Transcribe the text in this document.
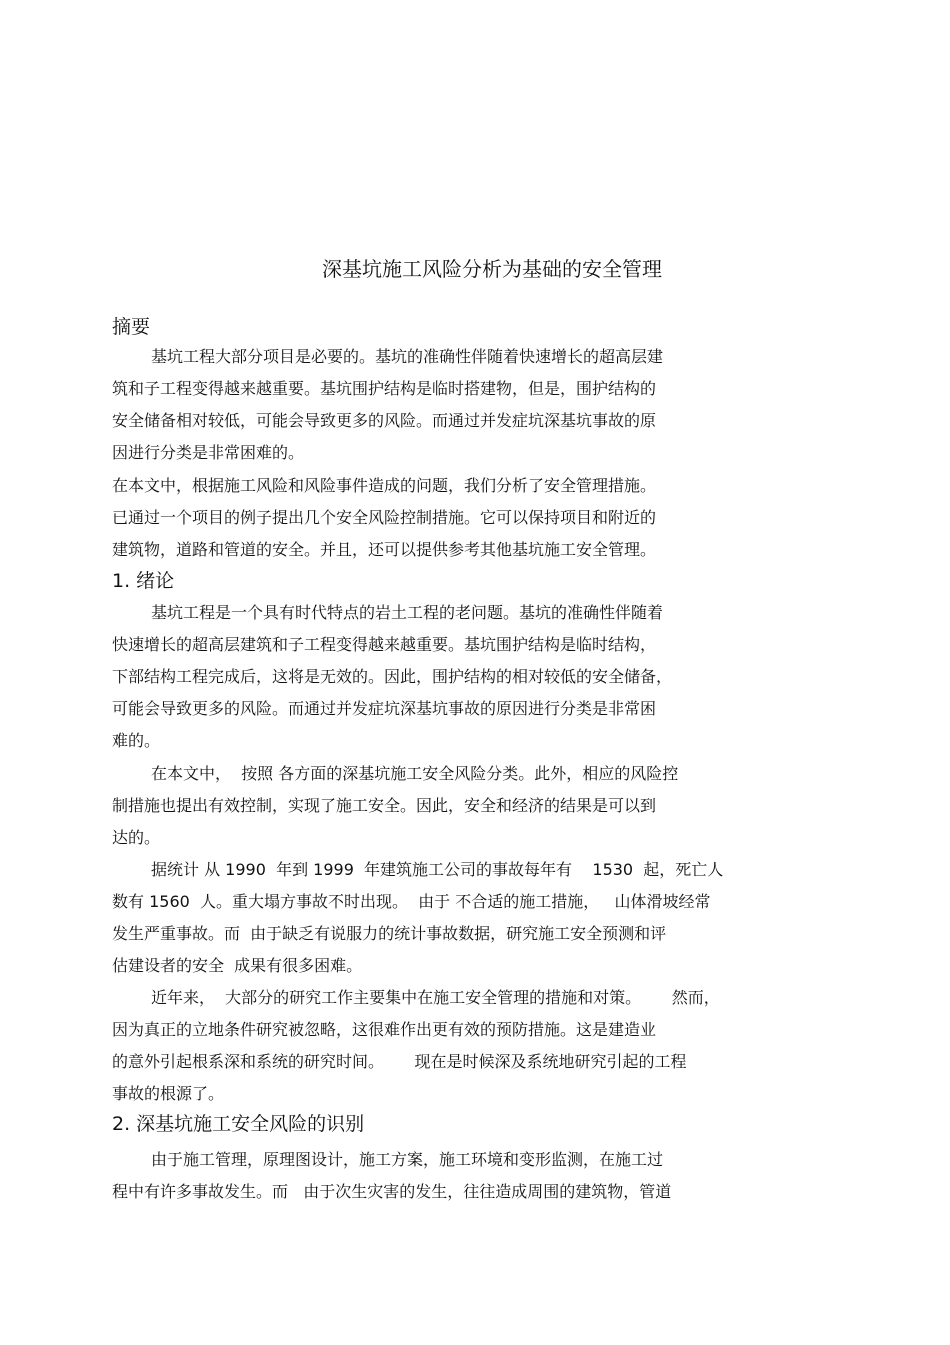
深基坑施工风险分析为基础的安全管理
摘要
基坑工程大部分项目是必要的。基坑的准确性伴随着快速增长的超高层建
筑和子工程变得越来越重要。基坑围护结构是临时搭建物，但是，围护结构的
安全储备相对较低，可能会导致更多的风险。而通过并发症坑深基坑事故的原
因进行分类是非常困难的。
在本文中，根据施工风险和风险事件造成的问题，我们分析了安全管理措施。
已通过一个项目的例子提出几个安全风险控制措施。它可以保持项目和附近的
建筑物，道路和管道的安全。并且，还可以提供参考其他基坑施工安全管理。
1. 绪论
基坑工程是一个具有时代特点的岩土工程的老问题。基坑的准确性伴随着
快速增长的超高层建筑和子工程变得越来越重要。基坑围护结构是临时结构，
下部结构工程完成后，这将是无效的。因此，围护结构的相对较低的安全储备，
可能会导致更多的风险。而通过并发症坑深基坑事故的原因进行分类是非常困
难的。
在本文中，  按照 各方面的深基坑施工安全风险分类。此外，相应的风险控
制措施也提出有效控制，实现了施工安全。因此，安全和经济的结果是可以到
达的。
据统计 从 1990  年到 1999  年建筑施工公司的事故每年有    1530  起，死亡人
数有 1560  人。重大塌方事故不时出现。  由于 不合适的施工措施，   山体滑坡经常
发生严重事故。而  由于缺乏有说服力的统计事故数据，研究施工安全预测和评
估建设者的安全  成果有很多困难。
近年来，  大部分的研究工作主要集中在施工安全管理的措施和对策。      然而，
因为真正的立地条件研究被忽略，这很难作出更有效的预防措施。这是建造业
的意外引起根系深和系统的研究时间。      现在是时候深及系统地研究引起的工程
事故的根源了。
2. 深基坑施工安全风险的识别
由于施工管理，原理图设计，施工方案，施工环境和变形监测，在施工过
程中有许多事故发生。而   由于次生灾害的发生，往往造成周围的建筑物，管道
